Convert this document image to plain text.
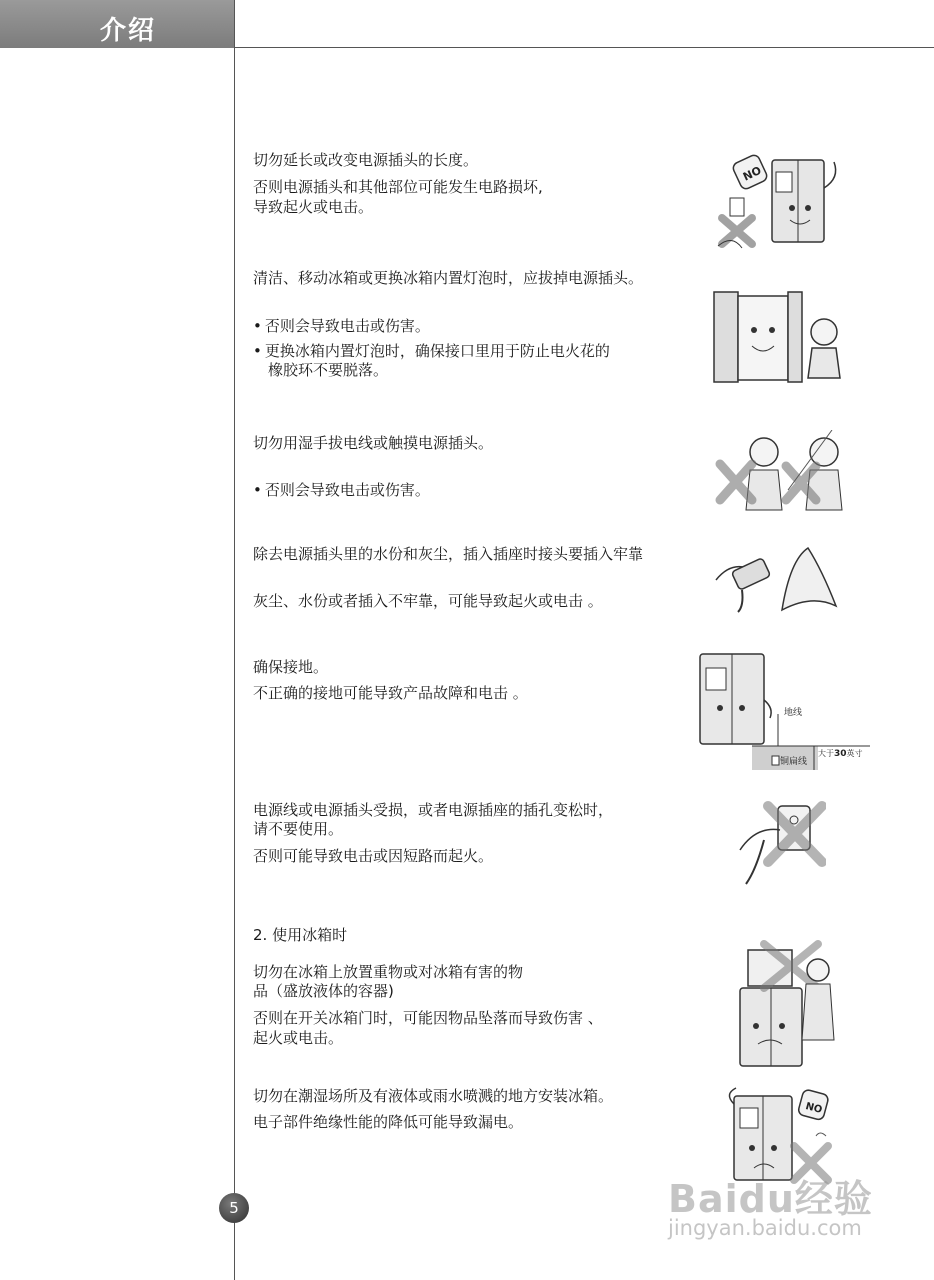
介绍
切勿延长或改变电源插头的长度。
否则电源插头和其他部位可能发生电路损坏,
导致起火或电击。
清洁、移动冰箱或更换冰箱内置灯泡时，应拔掉电源插头。
• 否则会导致电击或伤害。
• 更换冰箱内置灯泡时，确保接口里用于防止电火花的
橡胶环不要脱落。
切勿用湿手拔电线或触摸电源插头。
• 否则会导致电击或伤害。
除去电源插头里的水份和灰尘，插入插座时接头要插入牢靠
灰尘、水份或者插入不牢靠，可能导致起火或电击 。
确保接地。
不正确的接地可能导致产品故障和电击 。
电源线或电源插头受损，或者电源插座的插孔变松时，
请不要使用。
否则可能导致电击或因短路而起火。
2. 使用冰箱时
切勿在冰箱上放置重物或对冰箱有害的物
品（盛放液体的容器)
否则在开关冰箱门时，可能因物品坠落而导致伤害 、
起火或电击。
切勿在潮湿场所及有液体或雨水喷溅的地方安装冰箱。
电子部件绝缘性能的降低可能导致漏电。
NO
地线
铜扁线
大于30英寸
NO
5	Baidu经验
jingyan.baidu.com
